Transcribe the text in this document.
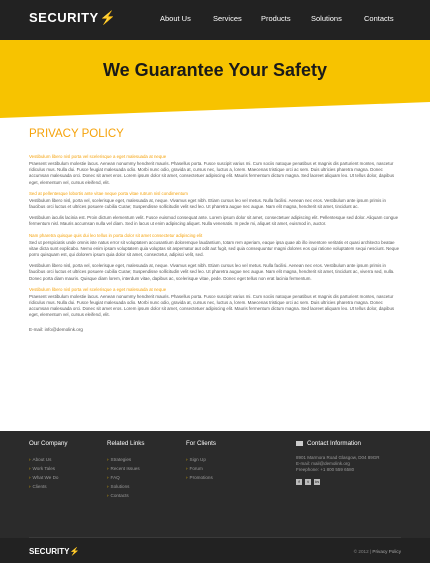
SECURITY⚡	About Us	Services	Products	Solutions	Contacts
We Guarantee Your Safety
PRIVACY POLICY
Vestibulum libero nisl porta vel scelerisque a eget malesuada at neque
Praesent vestibulum molestie lacus. Aenean nonummy hendrerit mauris. Phasellus porta. Fusce suscipit varius mi. Cum sociis natoque penatibus et magnis dis parturient montes, nascetur ridiculus mus. Nulla dui. Fusce feugiat malesuada odio. Morbi nunc odio, gravida at, cursus nec, luctus a, lorem. Maecenas tristique orci ac sem. Duis ultricies pharetra magna. Donec accumsan malesuada orci. Donec sit amet eros. Lorem ipsum dolor sit amet, consectetuer adipiscing elit. Mauris fermentum dictum magna. Sed laoreet aliquam leo. Ut tellus dolor, dapibus eget, elementum vel, cursus eleifend, elit.
Sed at pellentesque lobortis ante vitae neque porta vitae rutrum nisl condimentum
Vestibulum libero nisl, porta vel, scelerisque eget, malesuada at, neque. Vivamus eget nibh. Etiam cursus leo vel metus. Nulla facilisi. Aenean nec eros. Vestibulum ante ipsum primis in faucibus orci luctus et ultrices posuere cubilia Curae; Suspendisse sollicitudin velit sed leo. Ut pharetra augue nec augue. Nam elit magna, hendrerit sit amet, tincidunt ac.
Vestibulum iaculis lacinia est. Proin dictum elementum velit. Fusce euismod consequat ante. Lorem ipsum dolor sit amet, consectetuer adipiscing elit. Pellentesque sed dolor. Aliquam congue fermentum nisl. Mauris accumsan nulla vel diam. Sed in lacus ut enim adipiscing aliquet. Nulla venenatis. In pede mi, aliquet sit amet, euismod in, auctor.
Nam pharetra quisque quis dui leo tellus in porta dolor sit amet consectetur adipiscing elit
Sed ut perspiciatis unde omnis iste natus error sit voluptatem accusantium doloremque laudantium, totam rem aperiam, eaque ipsa quae ab illo inventore veritatis et quasi architecto beatae vitae dicta sunt explicabo. Nemo enim ipsam voluptatem quia voluptas sit aspernatur aut odit aut fugit, sed quia consequuntur magni dolores eos qui ratione voluptatem sequi nesciunt. Neque porro quisquam est, qui dolorem ipsum quia dolor sit amet, consectetur, adipisci velit, sed.
Vestibulum libero nisl, porta vel, scelerisque eget, malesuada at, neque. Vivamus eget nibh. Etiam cursus leo vel metus. Nulla facilisi. Aenean nec eros. Vestibulum ante ipsum primis in faucibus orci luctus et ultrices posuere cubilia Curae; Suspendisse sollicitudin velit sed leo. Ut pharetra augue nec augue. Nam elit magna, hendrerit sit amet, tincidunt ac, viverra sed, nulla. Donec porta diam mauris. Quisque diam lorem, interdum vitae, dapibus ac, scelerisque vitae, pede. Donec eget tellus non erat lacinia fermentum.
Vestibulum libero nisl porta vel scelerisque a eget malesuada at neque
Praesent vestibulum molestie lacus. Aenean nonummy hendrerit mauris. Phasellus porta. Fusce suscipit varius mi. Cum sociis natoque penatibus et magnis dis parturient montes, nascetur ridiculus mus. Nulla dui. Fusce feugiat malesuada odio. Morbi nunc odio, gravida at, cursus nec, luctus a, lorem. Maecenas tristique orci ac sem. Duis ultricies pharetra magna. Donec accumsan malesuada orci. Donec sit amet eros. Lorem ipsum dolor sit amet, consectetuer adipiscing elit. Mauris fermentum dictum magna. Sed laoreet aliquam leo. Ut tellus dolor, dapibus eget, elementum vel, cursus eleifend, elit.
E-mail: info@demolink.org
Our Company
› About Us
› Work Tales
› What We Do
› Clients
Related Links
› Strategies
› Recent Issues
› FAQ
› Solutions
› Contacts
For Clients
› Sign Up
› Forum
› Promotions
Contact Information
8901 Marmora Road Glasgow, D04 89GR
E-mail: mail@demolink.org
Freephone: +1 800 559 6580
f	t	in
SECURITY⚡	© 2012 | Privacy Policy
